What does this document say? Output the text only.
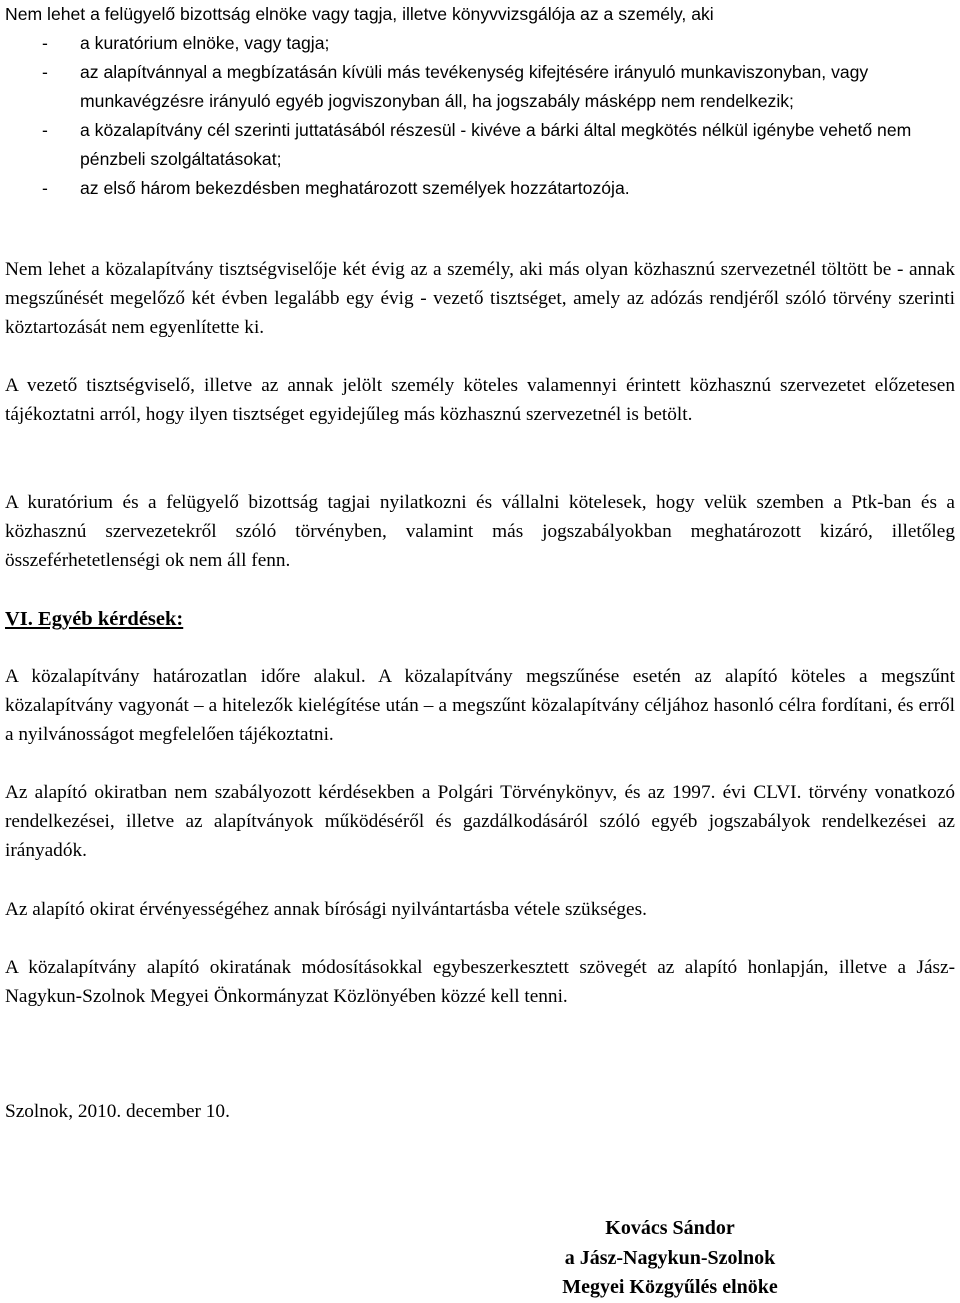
Nem lehet a felügyelő bizottság elnöke vagy tagja, illetve könyvvizsgálója az a személy, aki

- a kuratórium elnöke, vagy tagja;
- az alapítvánnyal a megbízatásán kívüli más tevékenység kifejtésére irányuló munkaviszonyban, vagy munkavégzésre irányuló egyéb jogviszonyban áll, ha jogszabály másképp nem rendelkezik;
- a közalapítvány cél szerinti juttatásából részesül - kivéve a bárki által megkötés nélkül igénybe vehető nem pénzbeli szolgáltatásokat;
- az első három bekezdésben meghatározott személyek hozzátartozója.

Nem lehet a közalapítvány tisztségviselője két évig az a személy, aki más olyan közhasznú szervezetnél töltött be - annak megszűnését megelőző két évben legalább egy évig - vezető tisztséget, amely az adózás rendjéről szóló törvény szerinti köztartozását nem egyenlítette ki.

A vezető tisztségviselő, illetve az annak jelölt személy köteles valamennyi érintett közhasznú szervezetet előzetesen tájékoztatni arról, hogy ilyen tisztséget egyidejűleg más közhasznú szervezetnél is betölt.

A kuratórium és a felügyelő bizottság tagjai nyilatkozni és vállalni kötelesek, hogy velük szemben a Ptk-ban és a közhasznú szervezetekről szóló törvényben, valamint más jogszabályokban meghatározott kizáró, illetőleg összeférhetetlenségi ok nem áll fenn.

VI. Egyéb kérdések:

A közalapítvány határozatlan időre alakul. A közalapítvány megszűnése esetén az alapító köteles a megszűnt közalapítvány vagyonát – a hitelezők kielégítése után – a megszűnt közalapítvány céljához hasonló célra fordítani, és erről a nyilvánosságot megfelelően tájékoztatni.

Az alapító okiratban nem szabályozott kérdésekben a Polgári Törvénykönyv, és az 1997. évi CLVI. törvény vonatkozó rendelkezései, illetve az alapítványok működéséről és gazdálkodásáról szóló egyéb jogszabályok rendelkezései az irányadók.

Az alapító okirat érvényességéhez annak bírósági nyilvántartásba vétele szükséges.

A közalapítvány alapító okiratának módosításokkal egybeszerkesztett szövegét az alapító honlapján, illetve a Jász-Nagykun-Szolnok Megyei Önkormányzat Közlönyében közzé kell tenni.

Szolnok, 2010. december 10.

Kovács Sándor
a Jász-Nagykun-Szolnok
Megyei Közgyűlés elnöke
